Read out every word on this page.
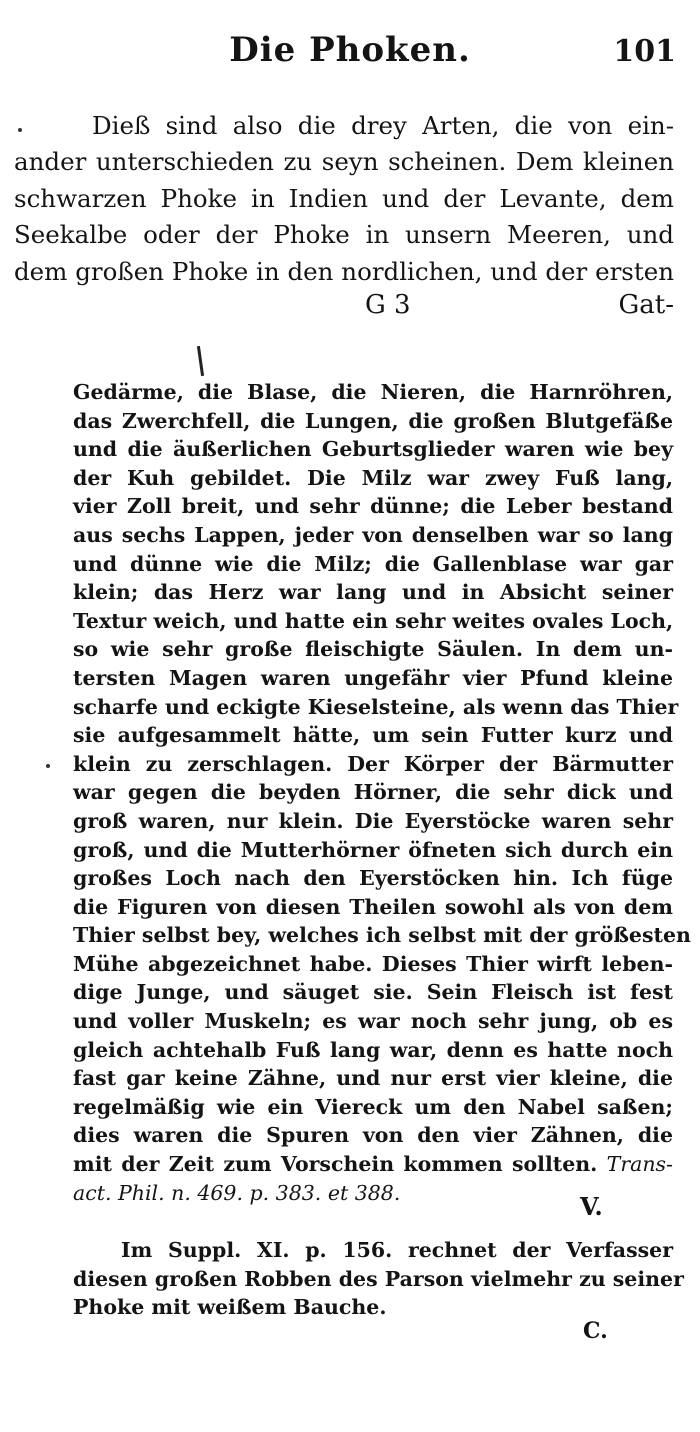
Die Phoken.	101
Dieß sind also die drey Arten, die von ein-
ander unterschieden zu seyn scheinen. Dem kleinen
schwarzen Phoke in Indien und der Levante, dem
Seekalbe oder der Phoke in unsern Meeren, und
dem großen Phoke in den nordlichen, und der ersten
G 3	Gat-
Gedärme, die Blase, die Nieren, die Harnröhren,
das Zwerchfell, die Lungen, die großen Blutgefäße
und die äußerlichen Geburtsglieder waren wie bey
der Kuh gebildet. Die Milz war zwey Fuß lang,
vier Zoll breit, und sehr dünne; die Leber bestand
aus sechs Lappen, jeder von denselben war so lang
und dünne wie die Milz; die Gallenblase war gar
klein; das Herz war lang und in Absicht seiner
Textur weich, und hatte ein sehr weites ovales Loch,
so wie sehr große fleischigte Säulen. In dem un-
tersten Magen waren ungefähr vier Pfund kleine
scharfe und eckigte Kieselsteine, als wenn das Thier
sie aufgesammelt hätte, um sein Futter kurz und
klein zu zerschlagen. Der Körper der Bärmutter
war gegen die beyden Hörner, die sehr dick und
groß waren, nur klein. Die Eyerstöcke waren sehr
groß, und die Mutterhörner öfneten sich durch ein
großes Loch nach den Eyerstöcken hin. Ich füge
die Figuren von diesen Theilen sowohl als von dem
Thier selbst bey, welches ich selbst mit der größesten
Mühe abgezeichnet habe. Dieses Thier wirft leben-
dige Junge, und säuget sie. Sein Fleisch ist fest
und voller Muskeln; es war noch sehr jung, ob es
gleich achtehalb Fuß lang war, denn es hatte noch
fast gar keine Zähne, und nur erst vier kleine, die
regelmäßig wie ein Viereck um den Nabel saßen;
dies waren die Spuren von den vier Zähnen, die
mit der Zeit zum Vorschein kommen sollten. Trans-
act. Phil. n. 469. p. 383. et 388.	V.
Im Suppl. XI. p. 156. rechnet der Verfasser
diesen großen Robben des Parson vielmehr zu seiner
Phoke mit weißem Bauche.
C.
